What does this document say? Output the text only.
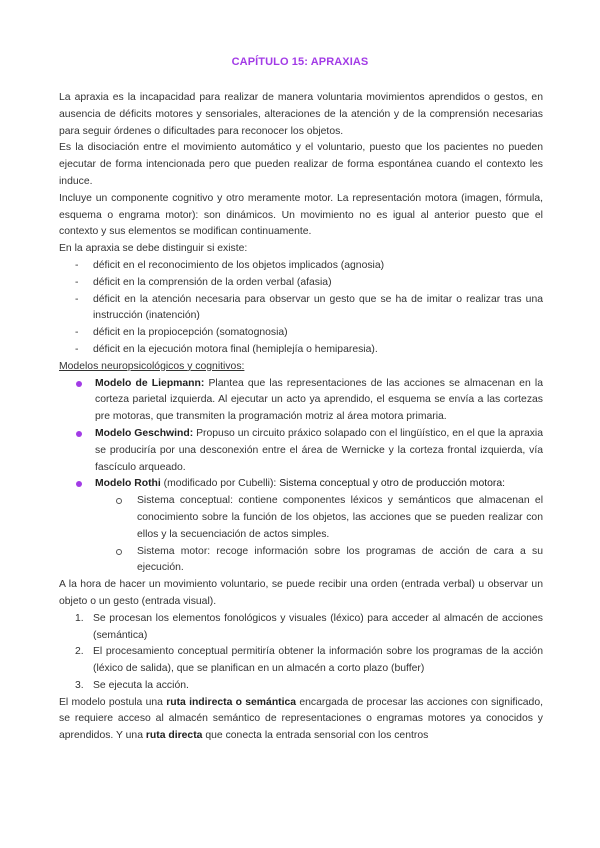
CAPÍTULO 15: APRAXIAS

La apraxia es la incapacidad para realizar de manera voluntaria movimientos aprendidos o gestos, en ausencia de déficits motores y sensoriales, alteraciones de la atención y de la comprensión necesarias para seguir órdenes o dificultades para reconocer los objetos.

Es la disociación entre el movimiento automático y el voluntario, puesto que los pacientes no pueden ejecutar de forma intencionada pero que pueden realizar de forma espontánea cuando el contexto les induce.

Incluye un componente cognitivo y otro meramente motor. La representación motora (imagen, fórmula, esquema o engrama motor): son dinámicos. Un movimiento no es igual al anterior puesto que el contexto y sus elementos se modifican continuamente.

En la apraxia se debe distinguir si existe:

- déficit en el reconocimiento de los objetos implicados (agnosia)
- déficit en la comprensión de la orden verbal (afasia)
- déficit en la atención necesaria para observar un gesto que se ha de imitar o realizar tras una instrucción (inatención)
- déficit en la propiocepción (somatognosia)
- déficit en la ejecución motora final (hemiplejía o hemiparesia).

Modelos neuropsicológicos y cognitivos:

Modelo de Liepmann: Plantea que las representaciones de las acciones se almacenan en la corteza parietal izquierda. Al ejecutar un acto ya aprendido, el esquema se envía a las cortezas pre motoras, que transmiten la programación motriz al área motora primaria.
Modelo Geschwind: Propuso un circuito práxico solapado con el lingüístico, en el que la apraxia se produciría por una desconexión entre el área de Wernicke y la corteza frontal izquierda, vía fascículo arqueado.
Modelo Rothi (modificado por Cubelli): Sistema conceptual y otro de producción motora:
Sistema conceptual: contiene componentes léxicos y semánticos que almacenan el conocimiento sobre la función de los objetos, las acciones que se pueden realizar con ellos y la secuenciación de actos simples.
Sistema motor: recoge información sobre los programas de acción de cara a su ejecución.

A la hora de hacer un movimiento voluntario, se puede recibir una orden (entrada verbal) u observar un objeto o un gesto (entrada visual).

1. Se procesan los elementos fonológicos y visuales (léxico) para acceder al almacén de acciones (semántica)
2. El procesamiento conceptual permitiría obtener la información sobre los programas de la acción (léxico de salida), que se planifican en un almacén a corto plazo (buffer)
3. Se ejecuta la acción.

El modelo postula una ruta indirecta o semántica encargada de procesar las acciones con significado, se requiere acceso al almacén semántico de representaciones o engramas motores ya conocidos y aprendidos. Y una ruta directa que conecta la entrada sensorial con los centros
